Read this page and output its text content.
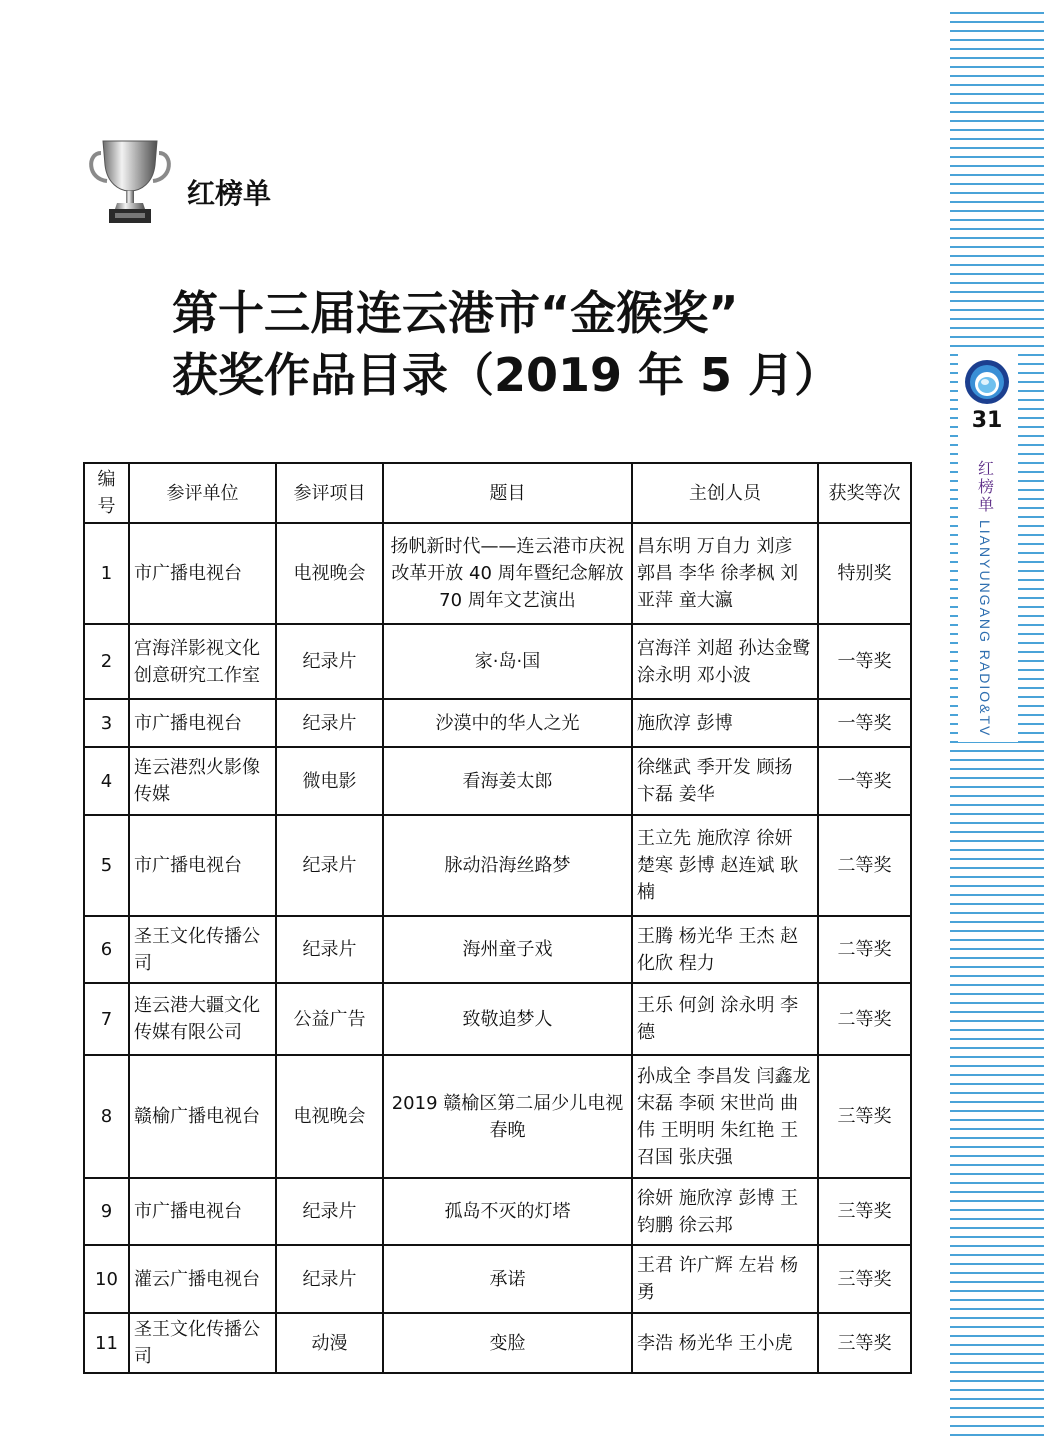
31
红榜单
LIANYUNGANG RADIO&TV
红榜单
第十三届连云港市“金猴奖”
获奖作品目录（2019 年 5 月）
编号	参评单位	参评项目	题目	主创人员	获奖等次
1	市广播电视台	电视晚会	扬帆新时代——连云港市庆祝改革开放 40 周年暨纪念解放 70 周年文艺演出	昌东明 万自力 刘彦 郭昌 李华 徐孝枫 刘亚萍 童大瀛	特别奖
2	宫海洋影视文化创意研究工作室	纪录片	家·岛·国	宫海洋 刘超 孙达金鹭 涂永明 邓小波	一等奖
3	市广播电视台	纪录片	沙漠中的华人之光	施欣淳 彭博	一等奖
4	连云港烈火影像传媒	微电影	看海姜太郎	徐继武 季开发 顾扬 卞磊 姜华	一等奖
5	市广播电视台	纪录片	脉动沿海丝路梦	王立先 施欣淳 徐妍 楚寒 彭博 赵连斌 耿楠	二等奖
6	圣王文化传播公司	纪录片	海州童子戏	王腾 杨光华 王杰 赵化欣 程力	二等奖
7	连云港大疆文化传媒有限公司	公益广告	致敬追梦人	王乐 何剑 涂永明 李德	二等奖
8	赣榆广播电视台	电视晚会	2019 赣榆区第二届少儿电视春晚	孙成全 李昌发 闫鑫龙 宋磊 李硕 宋世尚 曲伟 王明明 朱红艳 王召国 张庆强	三等奖
9	市广播电视台	纪录片	孤岛不灭的灯塔	徐妍 施欣淳 彭博 王钧鹏 徐云邦	三等奖
10	灌云广播电视台	纪录片	承诺	王君 许广辉 左岩 杨勇	三等奖
11	圣王文化传播公司	动漫	变脸	李浩 杨光华 王小虎	三等奖
